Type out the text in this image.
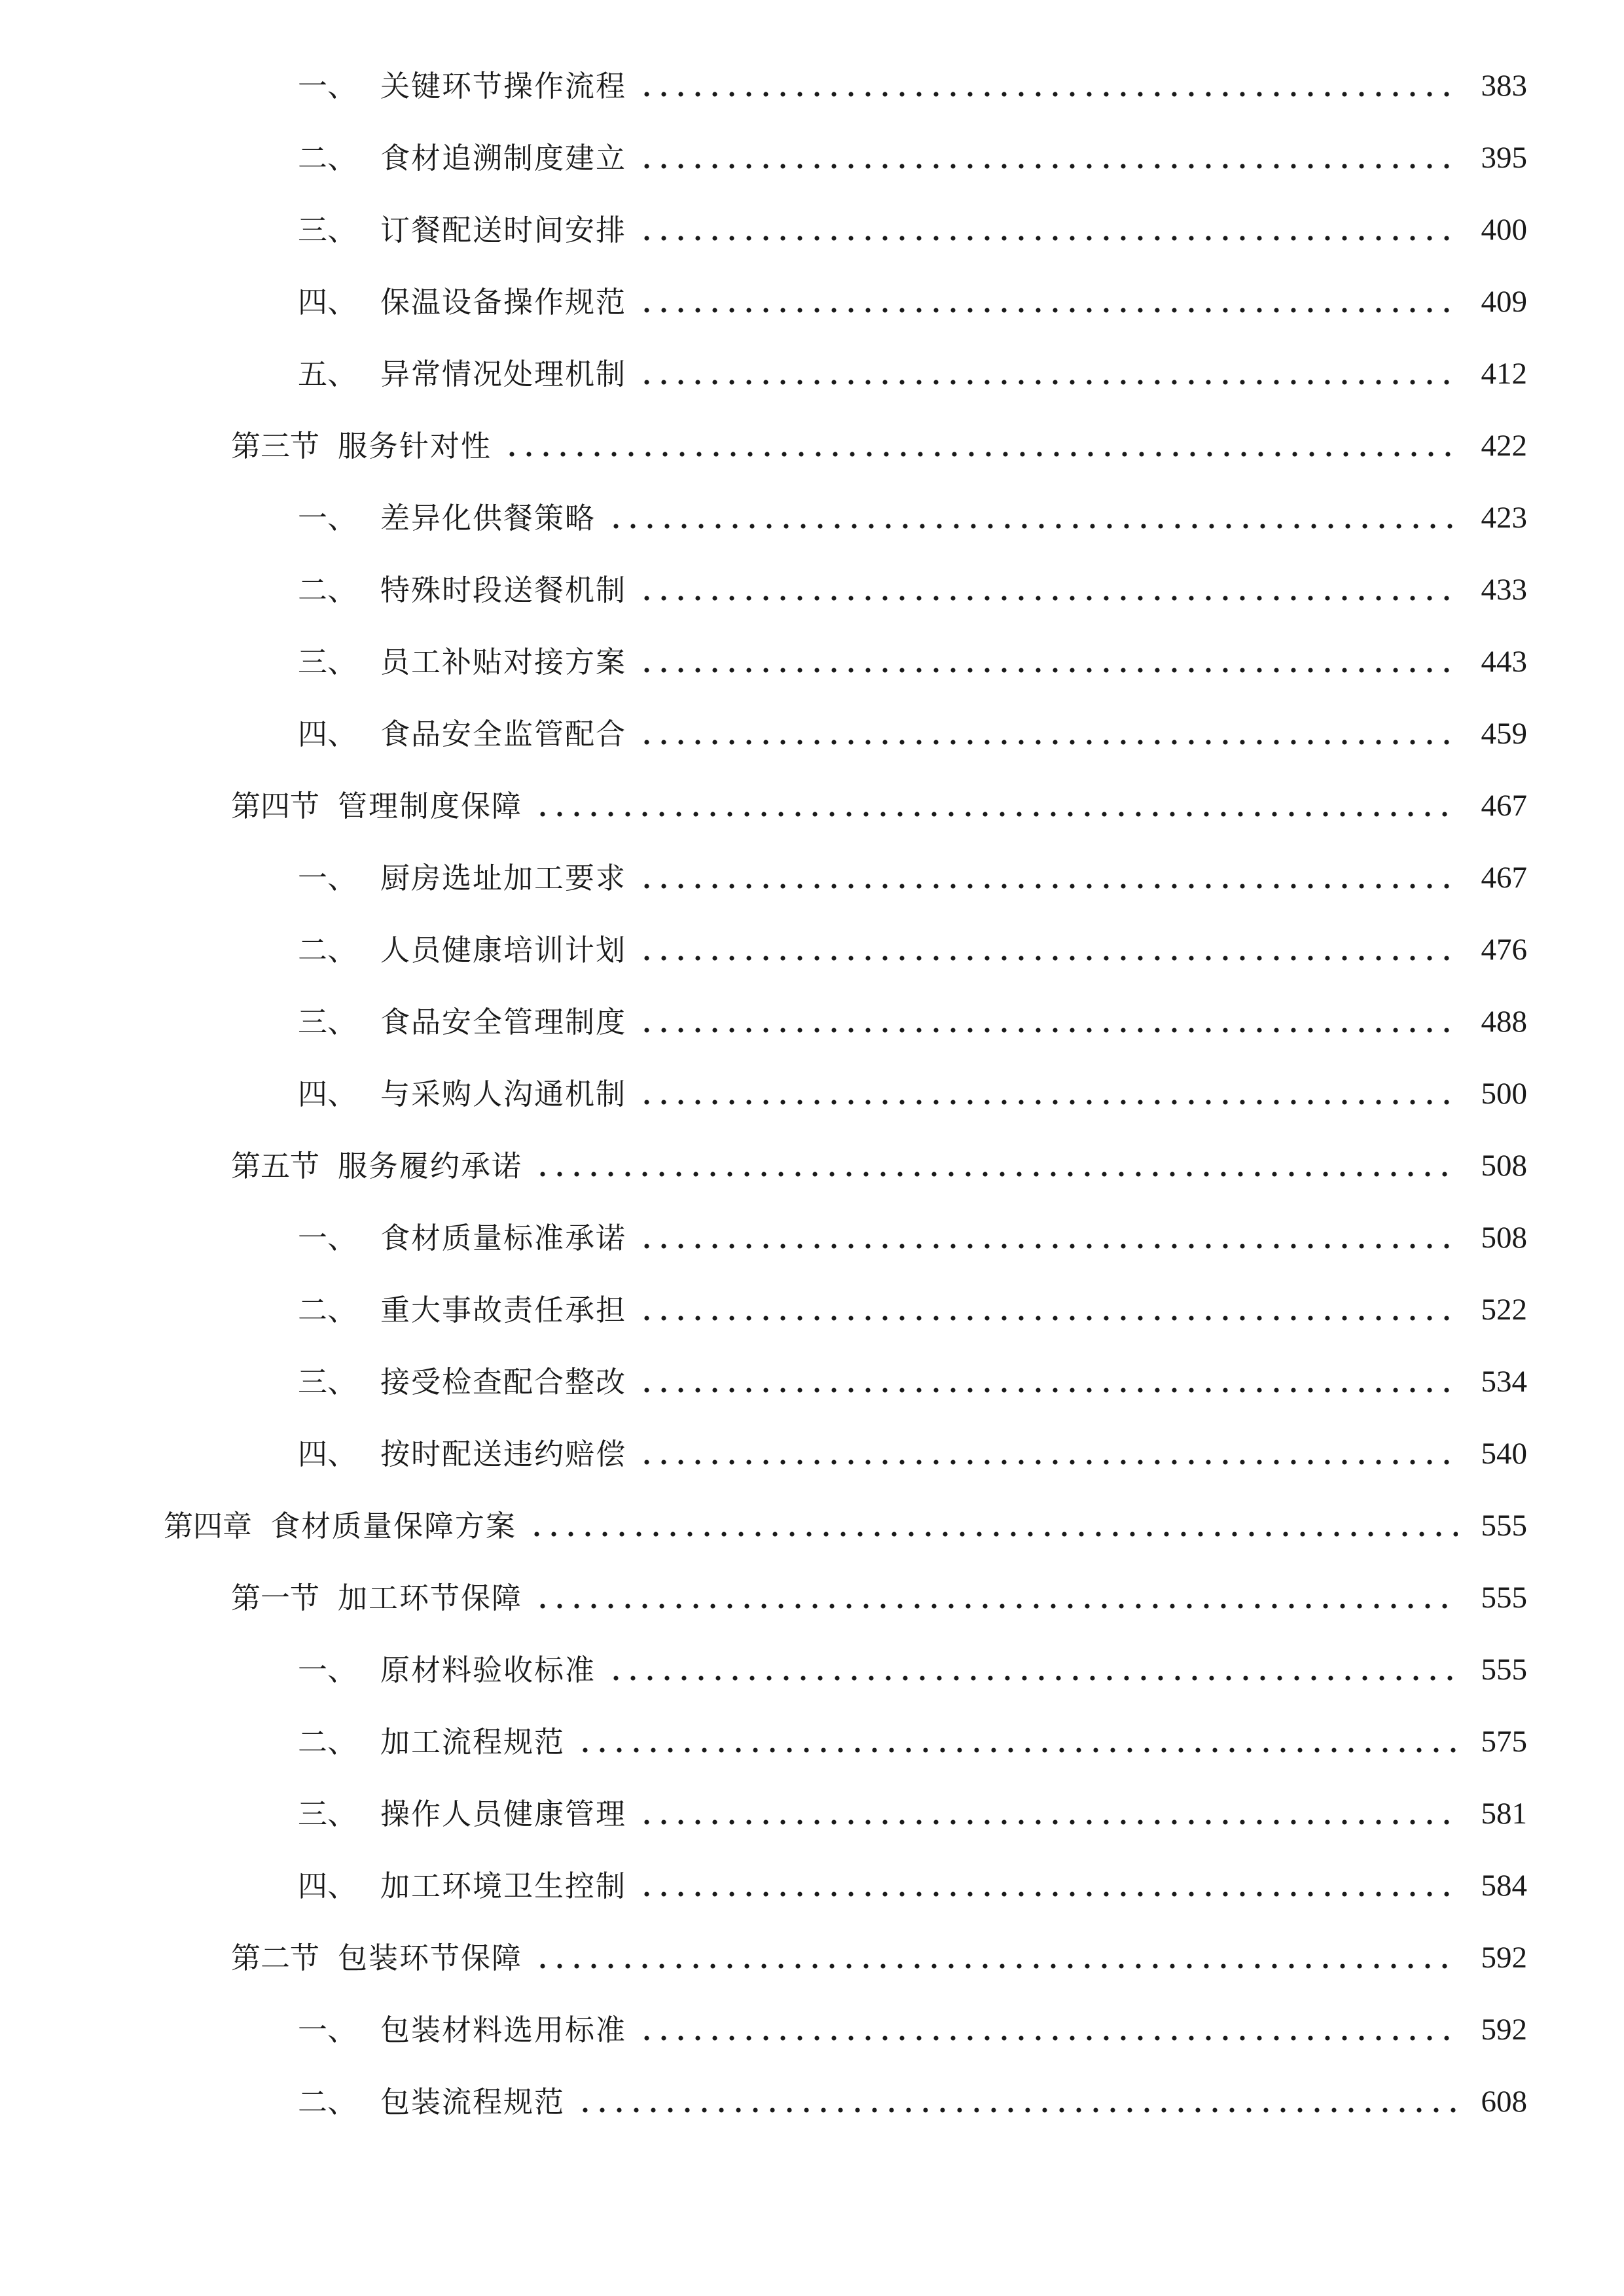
一、 关键环节操作流程	383
二、 食材追溯制度建立	395
三、 订餐配送时间安排	400
四、 保温设备操作规范	409
五、 异常情况处理机制	412
第三节 服务针对性	422
一、 差异化供餐策略	423
二、 特殊时段送餐机制	433
三、 员工补贴对接方案	443
四、 食品安全监管配合	459
第四节 管理制度保障	467
一、 厨房选址加工要求	467
二、 人员健康培训计划	476
三、 食品安全管理制度	488
四、 与采购人沟通机制	500
第五节 服务履约承诺	508
一、 食材质量标准承诺	508
二、 重大事故责任承担	522
三、 接受检查配合整改	534
四、 按时配送违约赔偿	540
第四章 食材质量保障方案	555
第一节 加工环节保障	555
一、 原材料验收标准	555
二、 加工流程规范	575
三、 操作人员健康管理	581
四、 加工环境卫生控制	584
第二节 包装环节保障	592
一、 包装材料选用标准	592
二、 包装流程规范	608
